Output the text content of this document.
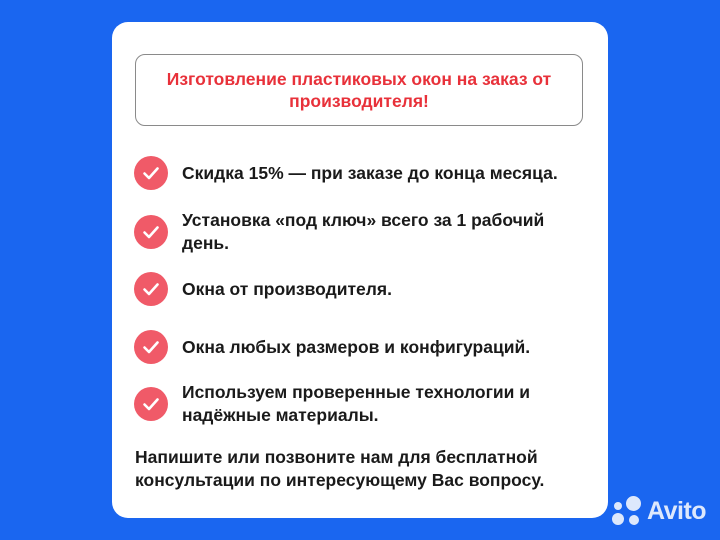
Изготовление пластиковых окон на заказ от производителя!
Скидка 15% — при заказе до конца месяца.
Установка «под ключ» всего за 1 рабочий день.
Окна от производителя.
Окна любых размеров и конфигураций.
Используем проверенные технологии и надёжные материалы.
Напишите или позвоните нам для бесплатной консультации по интересующему Вас вопросу.
Avito
